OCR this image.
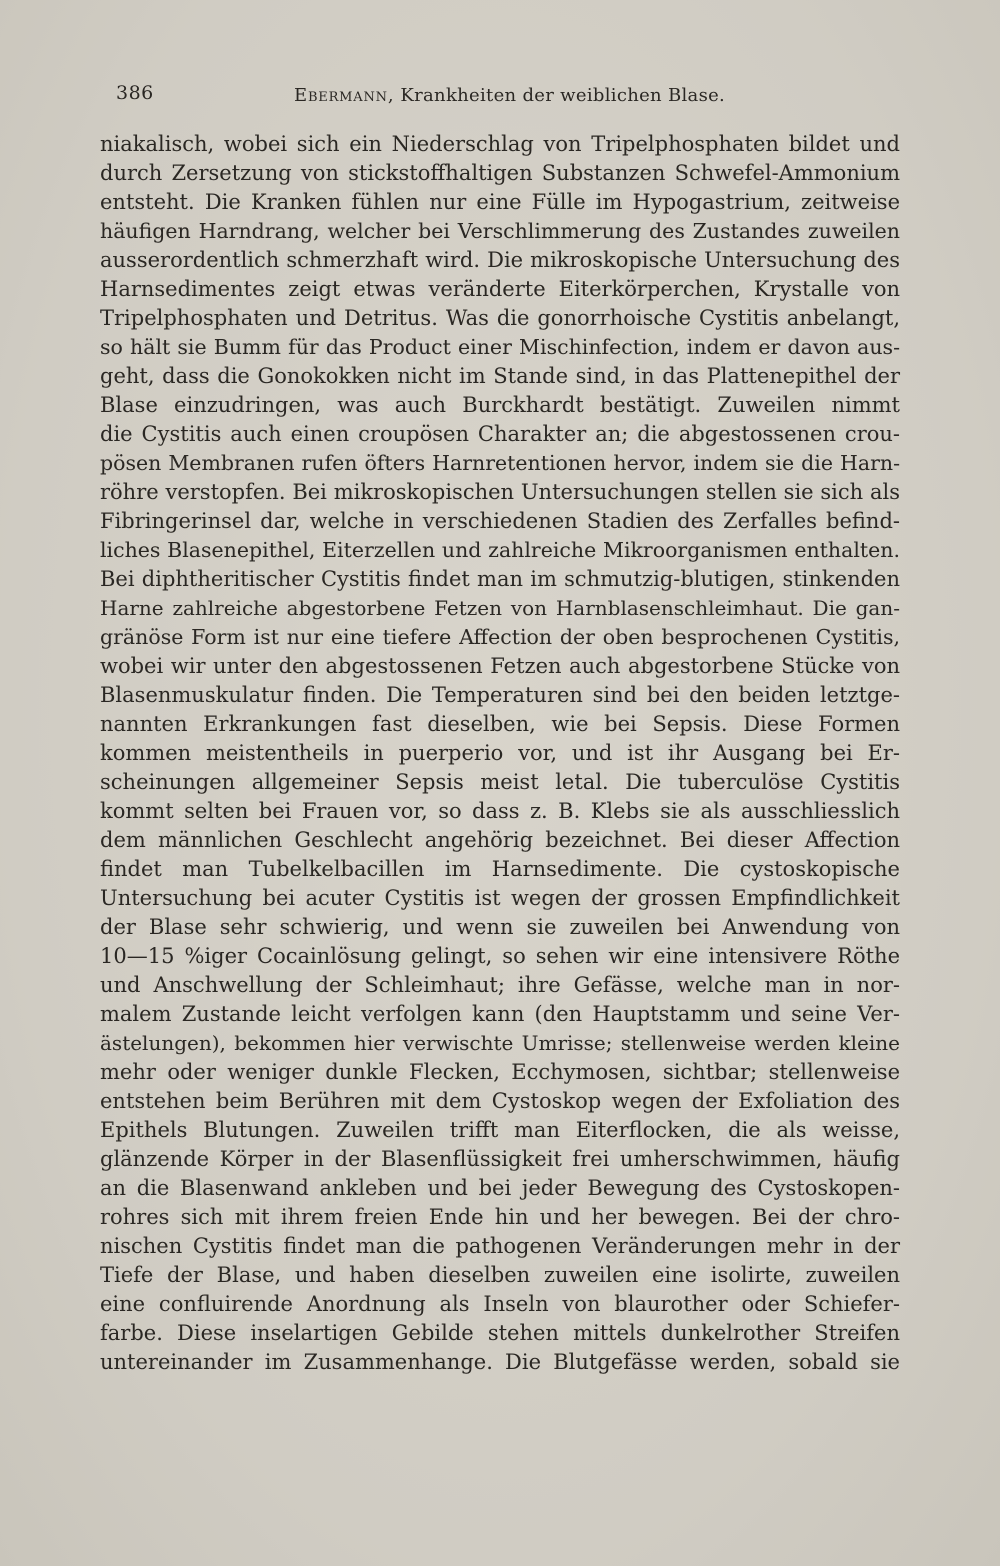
386	Ebermann, Krankheiten der weiblichen Blase.
niakalisch, wobei sich ein Niederschlag von Tripelphosphaten bildet und
durch Zersetzung von stickstoffhaltigen Substanzen Schwefel-Ammonium
entsteht. Die Kranken fühlen nur eine Fülle im Hypogastrium, zeitweise
häufigen Harndrang, welcher bei Verschlimmerung des Zustandes zuweilen
ausserordentlich schmerzhaft wird. Die mikroskopische Untersuchung des
Harnsedimentes zeigt etwas veränderte Eiterkörperchen, Krystalle von
Tripelphosphaten und Detritus. Was die gonorrhoische Cystitis anbelangt,
so hält sie Bumm für das Product einer Mischinfection, indem er davon aus-
geht, dass die Gonokokken nicht im Stande sind, in das Plattenepithel der
Blase einzudringen, was auch Burckhardt bestätigt. Zuweilen nimmt
die Cystitis auch einen croupösen Charakter an; die abgestossenen crou-
pösen Membranen rufen öfters Harnretentionen hervor, indem sie die Harn-
röhre verstopfen. Bei mikroskopischen Untersuchungen stellen sie sich als
Fibringerinsel dar, welche in verschiedenen Stadien des Zerfalles befind-
liches Blasenepithel, Eiterzellen und zahlreiche Mikroorganismen enthalten.
Bei diphtheritischer Cystitis findet man im schmutzig-blutigen, stinkenden
Harne zahlreiche abgestorbene Fetzen von Harnblasenschleimhaut. Die gan-
gränöse Form ist nur eine tiefere Affection der oben besprochenen Cystitis,
wobei wir unter den abgestossenen Fetzen auch abgestorbene Stücke von
Blasenmuskulatur finden. Die Temperaturen sind bei den beiden letztge-
nannten Erkrankungen fast dieselben, wie bei Sepsis. Diese Formen
kommen meistentheils in puerperio vor, und ist ihr Ausgang bei Er-
scheinungen allgemeiner Sepsis meist letal. Die tuberculöse Cystitis
kommt selten bei Frauen vor, so dass z. B. Klebs sie als ausschliesslich
dem männlichen Geschlecht angehörig bezeichnet. Bei dieser Affection
findet man Tubelkelbacillen im Harnsedimente. Die cystoskopische
Untersuchung bei acuter Cystitis ist wegen der grossen Empfindlichkeit
der Blase sehr schwierig, und wenn sie zuweilen bei Anwendung von
10—15 %iger Cocainlösung gelingt, so sehen wir eine intensivere Röthe
und Anschwellung der Schleimhaut; ihre Gefässe, welche man in nor-
malem Zustande leicht verfolgen kann (den Hauptstamm und seine Ver-
ästelungen), bekommen hier verwischte Umrisse; stellenweise werden kleine
mehr oder weniger dunkle Flecken, Ecchymosen, sichtbar; stellenweise
entstehen beim Berühren mit dem Cystoskop wegen der Exfoliation des
Epithels Blutungen. Zuweilen trifft man Eiterflocken, die als weisse,
glänzende Körper in der Blasenflüssigkeit frei umherschwimmen, häufig
an die Blasenwand ankleben und bei jeder Bewegung des Cystoskopen-
rohres sich mit ihrem freien Ende hin und her bewegen. Bei der chro-
nischen Cystitis findet man die pathogenen Veränderungen mehr in der
Tiefe der Blase, und haben dieselben zuweilen eine isolirte, zuweilen
eine confluirende Anordnung als Inseln von blaurother oder Schiefer-
farbe. Diese inselartigen Gebilde stehen mittels dunkelrother Streifen
untereinander im Zusammenhange. Die Blutgefässe werden, sobald sie
